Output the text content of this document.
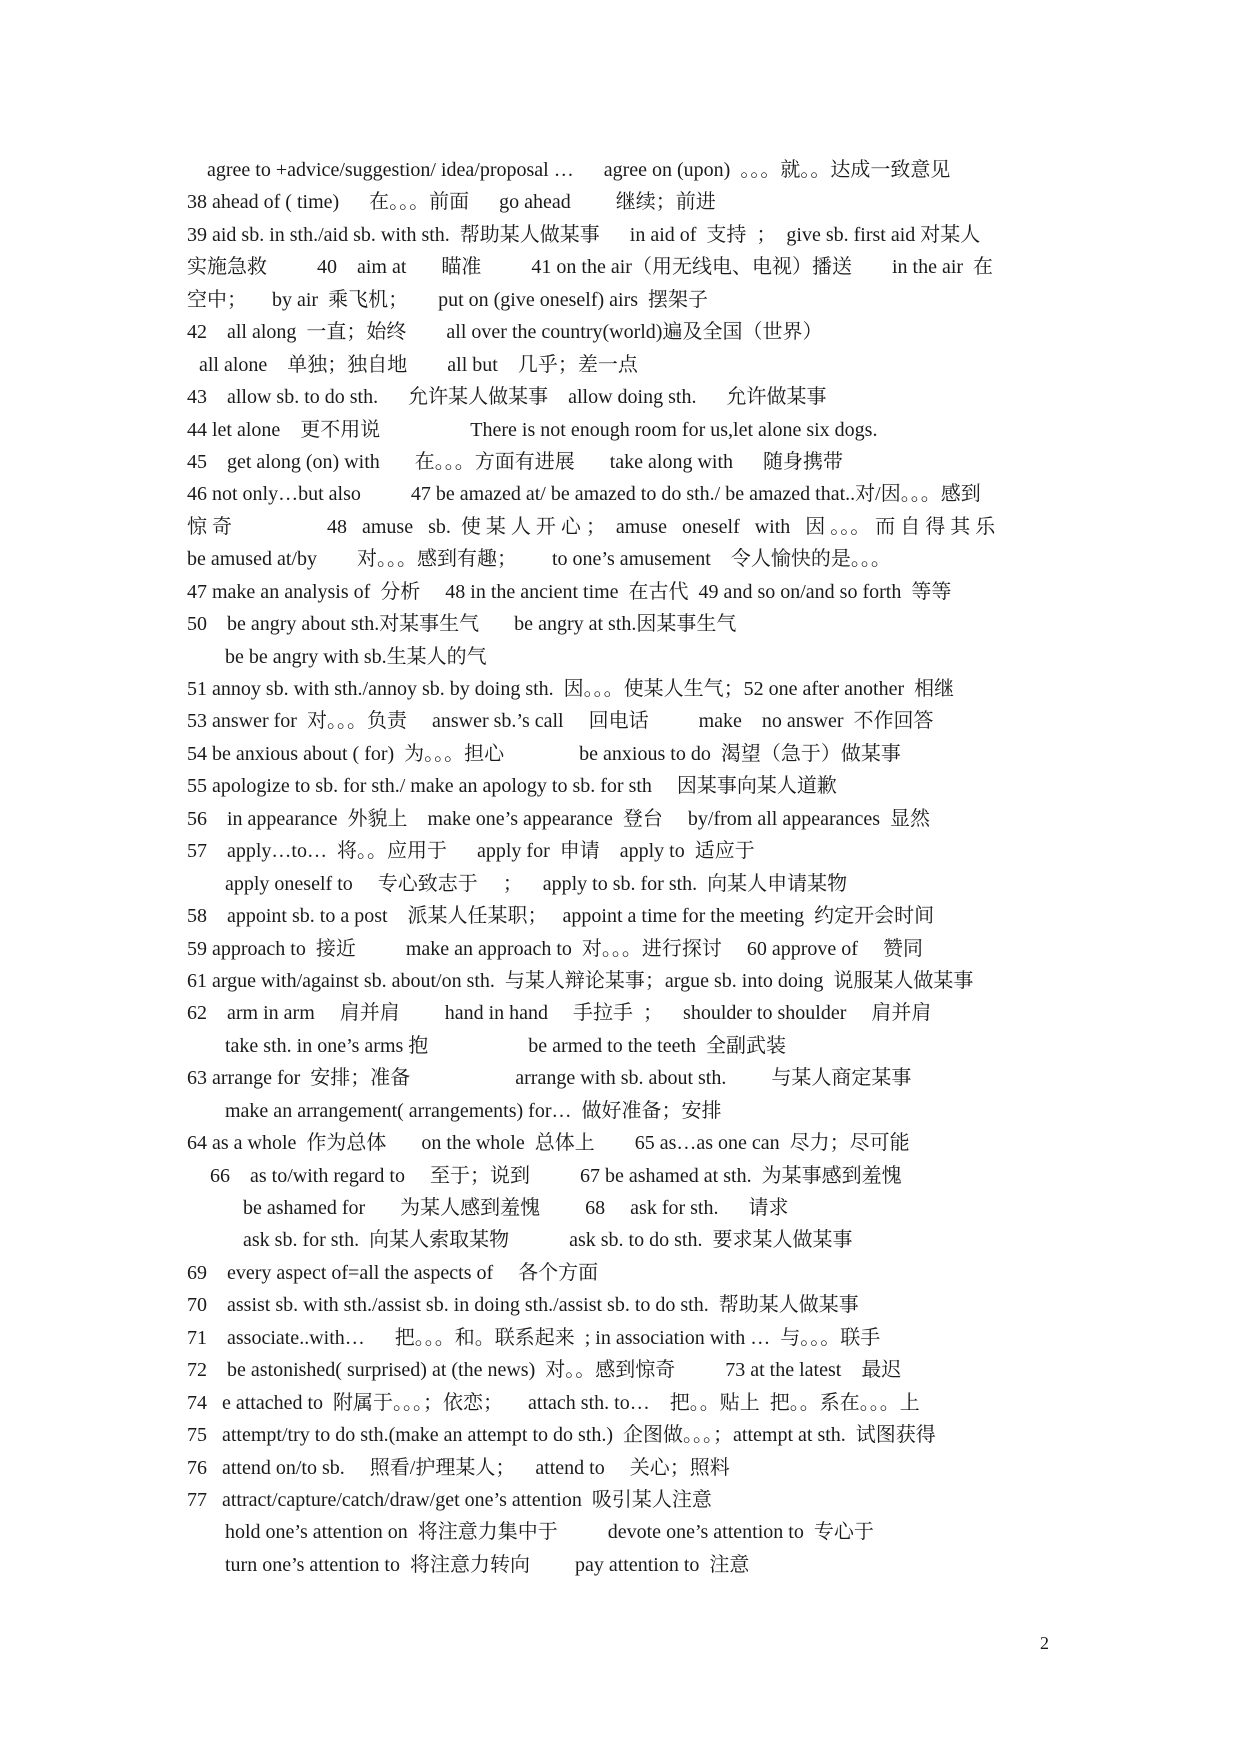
agree to +advice/suggestion/ idea/proposal …      agree on (upon)  。。。就。。达成一致意见
38 ahead of ( time)      在。。。前面      go ahead         继续；前进
39 aid sb. in sth./aid sb. with sth.  帮助某人做某事      in aid of  支持  ；  give sb. first aid 对某人
实施急救          40    aim at       瞄准          41 on the air（用无线电、电视）播送        in the air  在
空中；     by air  乘飞机；      put on (give oneself) airs  摆架子
42    all along  一直；始终        all over the country(world)遍及全国（世界）
all alone    单独；独自地        all but    几乎；差一点
43    allow sb. to do sth.      允许某人做某事    allow doing sth.      允许做某事
44 let alone    更不用说                  There is not enough room for us,let alone six dogs.
45    get along (on) with       在。。。方面有进展       take along with      随身携带
46 not only…but also          47 be amazed at/ be amazed to do sth./ be amazed that..对/因。。。感到
惊 奇                   48   amuse   sb.  使 某 人 开 心 ；  amuse   oneself   with   因 。。。 而 自 得 其 乐
be amused at/by        对。。。感到有趣；       to one’s amusement    令人愉快的是。。。
47 make an analysis of  分析     48 in the ancient time  在古代  49 and so on/and so forth  等等
50    be angry about sth.对某事生气       be angry at sth.因某事生气
be be angry with sb.生某人的气
51 annoy sb. with sth./annoy sb. by doing sth.  因。。。使某人生气；52 one after another  相继
53 answer for  对。。。负责     answer sb.’s call     回电话          make    no answer  不作回答
54 be anxious about ( for)  为。。。担心               be anxious to do  渴望（急于）做某事
55 apologize to sb. for sth./ make an apology to sb. for sth     因某事向某人道歉
56    in appearance  外貌上    make one’s appearance  登台     by/from all appearances  显然
57    apply…to…  将。。应用于      apply for  申请    apply to  适应于
apply oneself to     专心致志于     ；    apply to sb. for sth.  向某人申请某物
58    appoint sb. to a post    派某人任某职；   appoint a time for the meeting  约定开会时间
59 approach to  接近          make an approach to  对。。。进行探讨     60 approve of     赞同
61 argue with/against sb. about/on sth.  与某人辩论某事；argue sb. into doing  说服某人做某事
62    arm in arm     肩并肩         hand in hand     手拉手  ；    shoulder to shoulder     肩并肩
take sth. in one’s arms 抱                    be armed to the teeth  全副武装
63 arrange for  安排；准备                     arrange with sb. about sth.         与某人商定某事
make an arrangement( arrangements) for…  做好准备；安排
64 as a whole  作为总体       on the whole  总体上        65 as…as one can  尽力；尽可能
66    as to/with regard to     至于；说到          67 be ashamed at sth.  为某事感到羞愧
be ashamed for       为某人感到羞愧         68     ask for sth.      请求
ask sb. for sth.  向某人索取某物            ask sb. to do sth.  要求某人做某事
69    every aspect of=all the aspects of     各个方面
70    assist sb. with sth./assist sb. in doing sth./assist sb. to do sth.  帮助某人做某事
71    associate..with…      把。。。和。联系起来  ; in association with …  与。。。联手
72    be astonished( surprised) at (the news)  对。。感到惊奇          73 at the latest    最迟
74   e attached to  附属于。。。；依恋；     attach sth. to…    把。。贴上  把。。系在。。。上
75   attempt/try to do sth.(make an attempt to do sth.)  企图做。。。；attempt at sth.  试图获得
76   attend on/to sb.     照看/护理某人；    attend to     关心；照料
77   attract/capture/catch/draw/get one’s attention  吸引某人注意
hold one’s attention on  将注意力集中于          devote one’s attention to  专心于
turn one’s attention to  将注意力转向         pay attention to  注意
2
